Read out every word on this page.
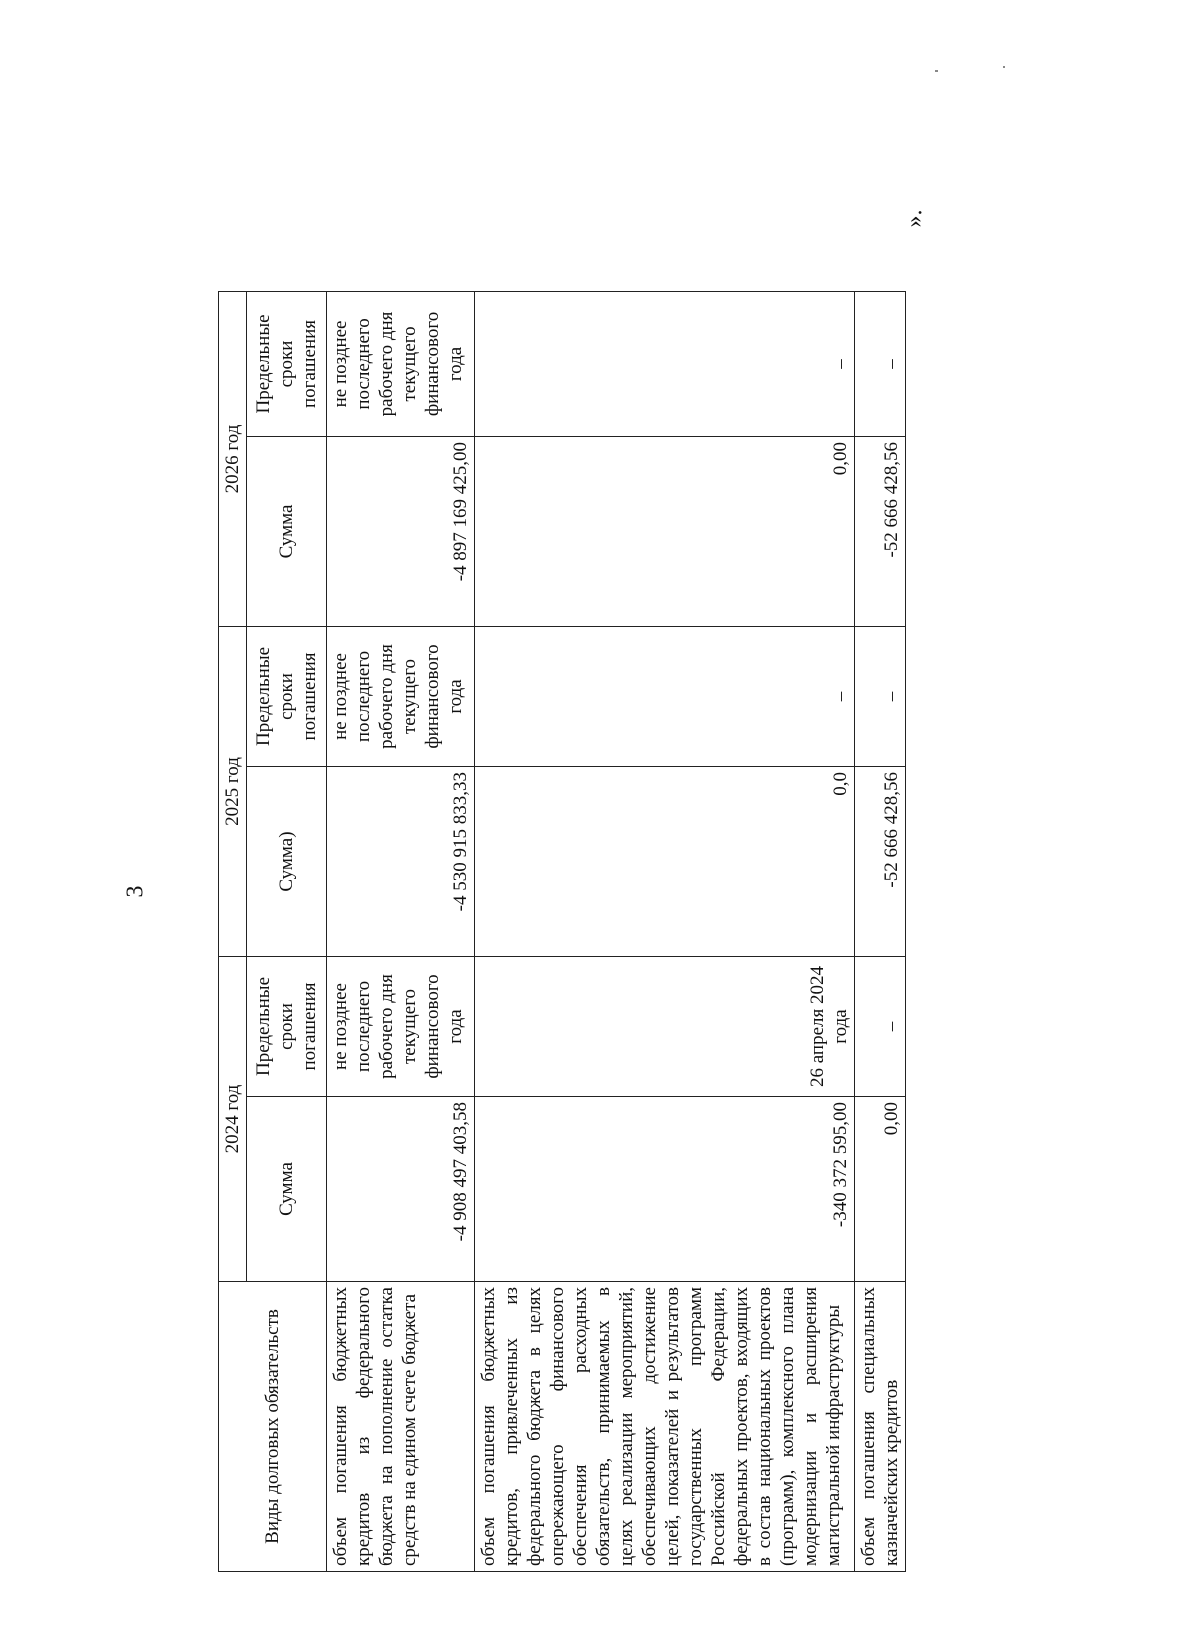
3
».
Виды долговых обязательств	2024 год		2025 год		2026 год	
	Сумма	Предельные сроки погашения	Сумма)	Предельные сроки погашения	Сумма	Предельные сроки погашения
объем погашения бюджетных кредитов из федерального бюджета на пополнение остатка средств на едином счете бюджета	-4 908 497 403,58	не позднее последнего рабочего дня текущего финансового года	-4 530 915 833,33	не позднее последнего рабочего дня текущего финансового года	-4 897 169 425,00	не позднее последнего рабочего дня текущего финансового года
объем погашения бюджетных кредитов, привлеченных из федерального бюджета в целях опережающего финансового обеспечения расходных обязательств, принимаемых в целях реализации мероприятий, обеспечивающих достижение целей, показателей и результатов государственных программ Российской Федерации, федеральных проектов, входящих в состав национальных проектов (программ), комплексного плана модернизации и расширения магистральной инфраструктуры	-340 372 595,00	26 апреля 2024 года	0,0	–	0,00	–
объем погашения специальных казначейских кредитов	0,00	–	-52 666 428,56	–	-52 666 428,56	–
